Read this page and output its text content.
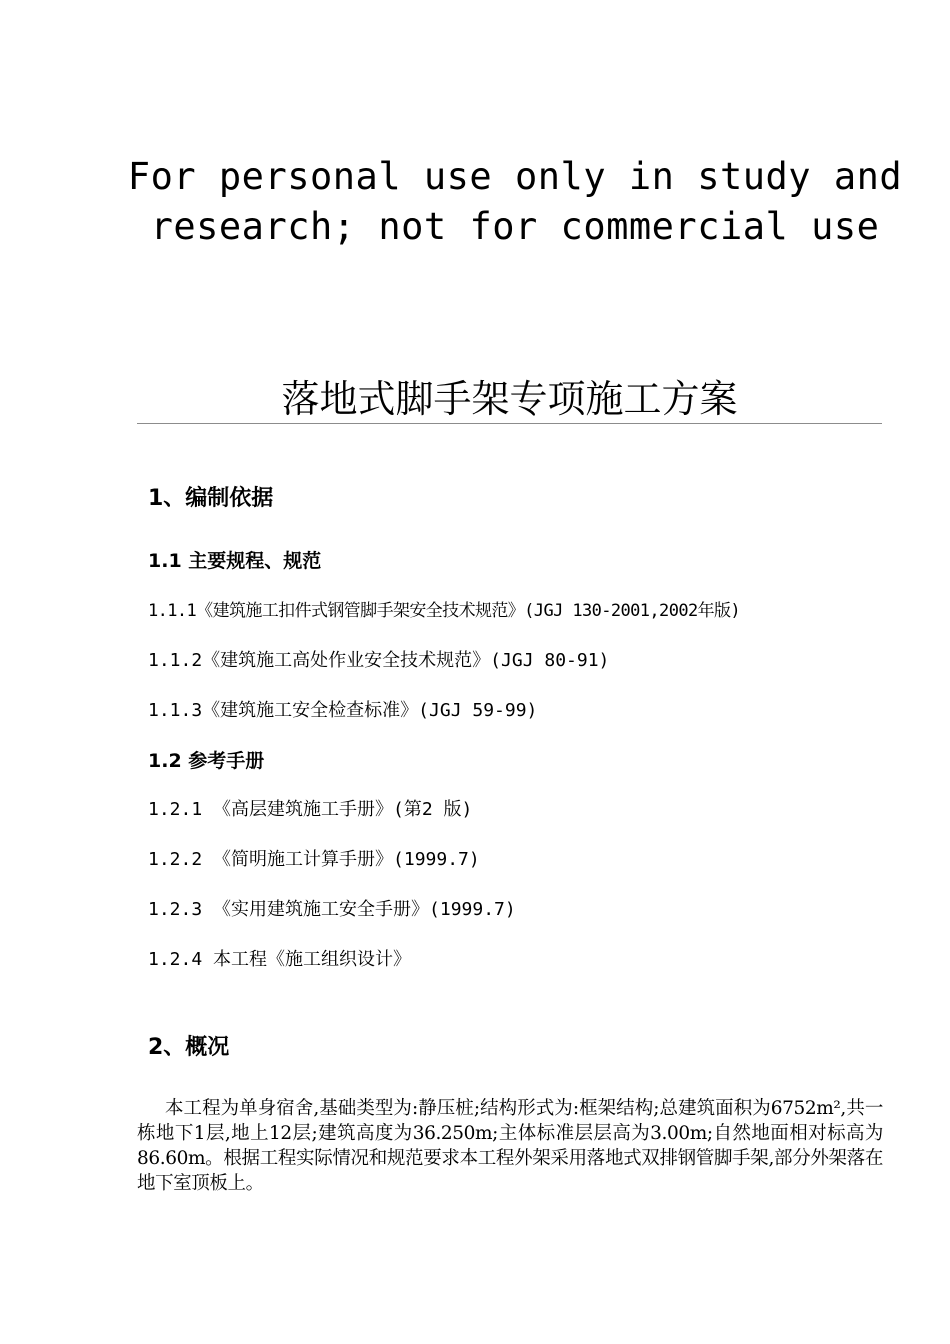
For personal use only in study and
research; not for commercial use
落地式脚手架专项施工方案
1、编制依据
1.1 主要规程、规范
1.1.1《建筑施工扣件式钢管脚手架安全技术规范》(JGJ 130-2001,2002年版)
1.1.2《建筑施工高处作业安全技术规范》(JGJ 80-91)
1.1.3《建筑施工安全检查标准》(JGJ 59-99)
1.2 参考手册
1.2.1 《高层建筑施工手册》(第2 版)
1.2.2 《简明施工计算手册》(1999.7)
1.2.3 《实用建筑施工安全手册》(1999.7)
1.2.4 本工程《施工组织设计》
2、概况
本工程为单身宿舍,基础类型为:静压桩;结构形式为:框架结构;总建筑面积为6752m²,共一栋地下1层,地上12层;建筑高度为36.250m;主体标准层层高为3.00m;自然地面相对标高为86.60m。根据工程实际情况和规范要求本工程外架采用落地式双排钢管脚手架,部分外架落在地下室顶板上。
